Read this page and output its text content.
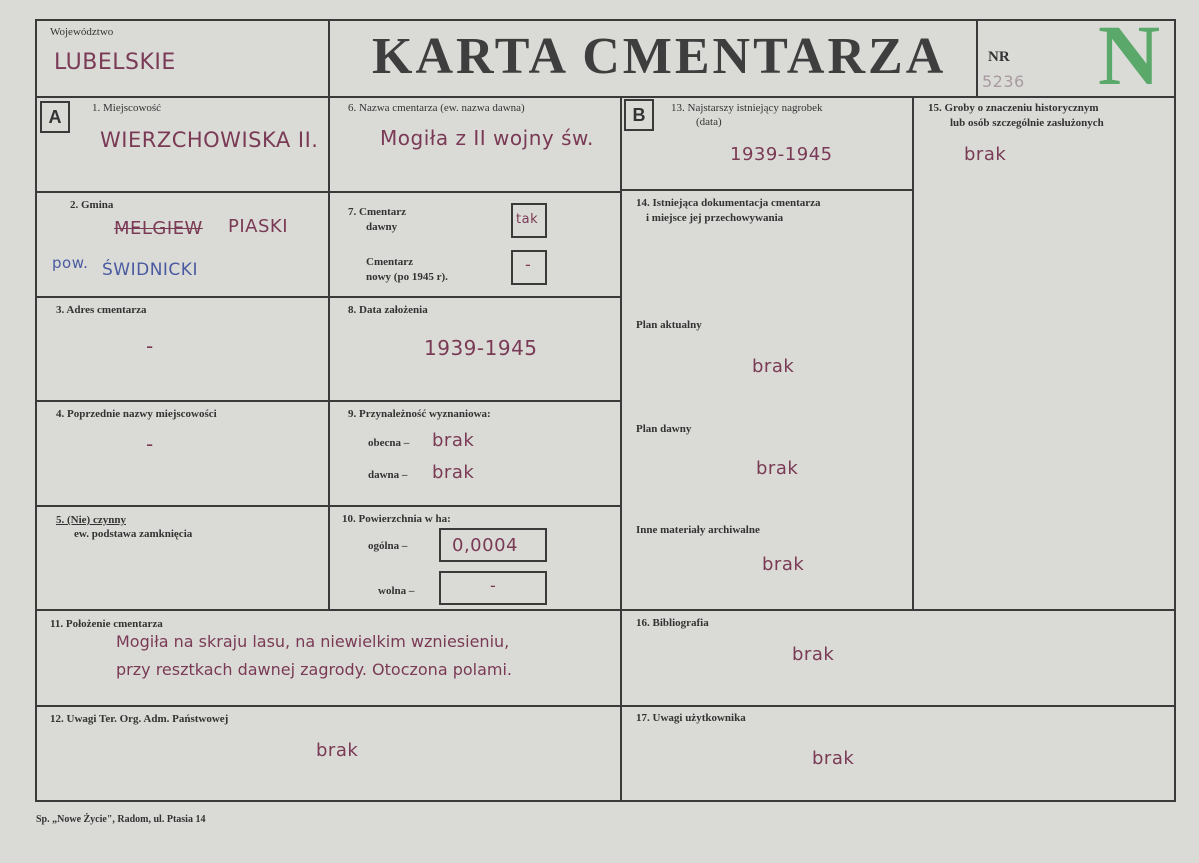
Województwo
LUBELSKIE	KARTA CMENTARZA	NR
5236 N
A	1. Miejscowość
WIERZCHOWISKA II.
2. Gmina
MELGIEW PIASKI
pow. ŚWIDNICKI
3. Adres cmentarza
-
4. Poprzednie nazwy miejscowości
-
5. (Nie) czynny
ew. podstawa zamknięcia
6. Nazwa cmentarza (ew. nazwa dawna)
Mogiła z II wojny św.
7. Cmentarz
dawny	tak
Cmentarz
nowy (po 1945 r).
-
8. Data założenia
1939-1945
9. Przynależność wyznaniowa:
obecna – brak
dawna – brak
10. Powierzchnia w ha:
ogólna – 0,0004
wolna –	-
11. Położenie cmentarza
Mogiła na skraju lasu, na niewielkim wzniesieniu,
przy resztkach dawnej zagrody. Otoczona polami.
12. Uwagi Ter. Org. Adm. Państwowej
brak
B	13. Najstarszy istniejący nagrobek
(data)
1939-1945
14. Istniejąca dokumentacja cmentarza
i miejsce jej przechowywania
Plan aktualny
brak
Plan dawny
brak
Inne materiały archiwalne
brak
15. Groby o znaczeniu historycznym
lub osób szczególnie zasłużonych
brak
16. Bibliografia
brak
17. Uwagi użytkownika
brak
Sp. „Nowe Życie", Radom, ul. Ptasia 14
